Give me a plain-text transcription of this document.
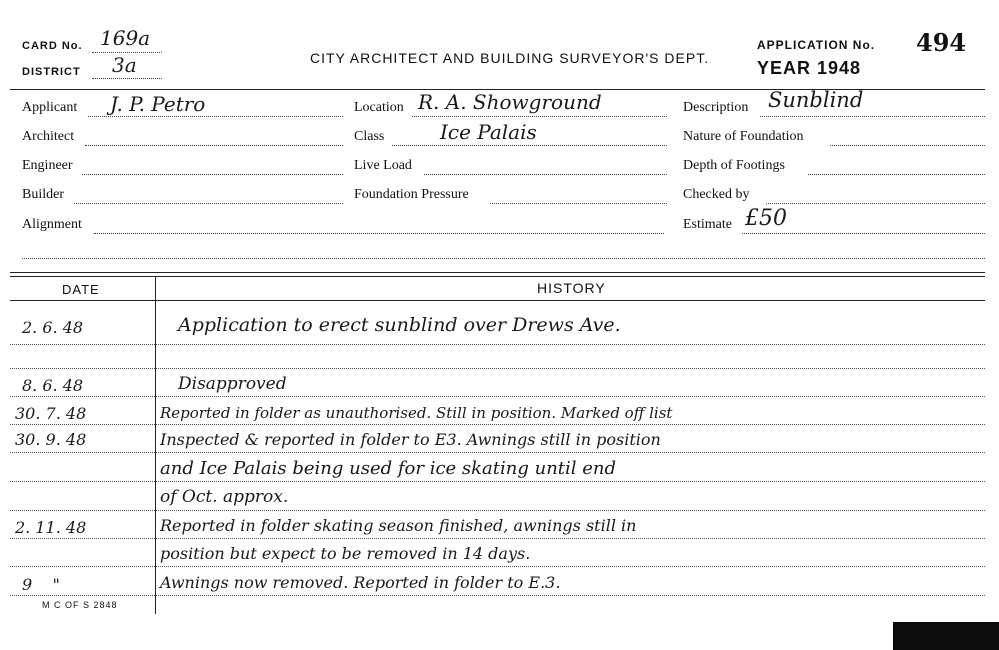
CARD No. 169a
DISTRICT 3a	CITY ARCHITECT AND BUILDING SURVEYOR'S DEPT.
APPLICATION No. 494
YEAR 1948
Applicant J. P. Petro
Architect
Engineer
Builder
Alignment
Location R. A. Showground
Class	Ice Palais
Live Load
Foundation Pressure
Description Sunblind
Nature of Foundation
Depth of Footings
Checked by
Estimate £50
DATE	HISTORY
2. 6. 48	Application to erect sunblind over Drews Ave.
8. 6. 48	Disapproved
30. 7. 48	Reported in folder as unauthorised. Still in position. Marked off list
30. 9. 48	Inspected & reported in folder to E3. Awnings still in position
and Ice Palais being used for ice skating until end
of Oct. approx.
2. 11. 48	Reported in folder skating season finished, awnings still in
position but expect to be removed in 14 days.
9    "	Awnings now removed. Reported in folder to E.3.
M C OF S 2848
